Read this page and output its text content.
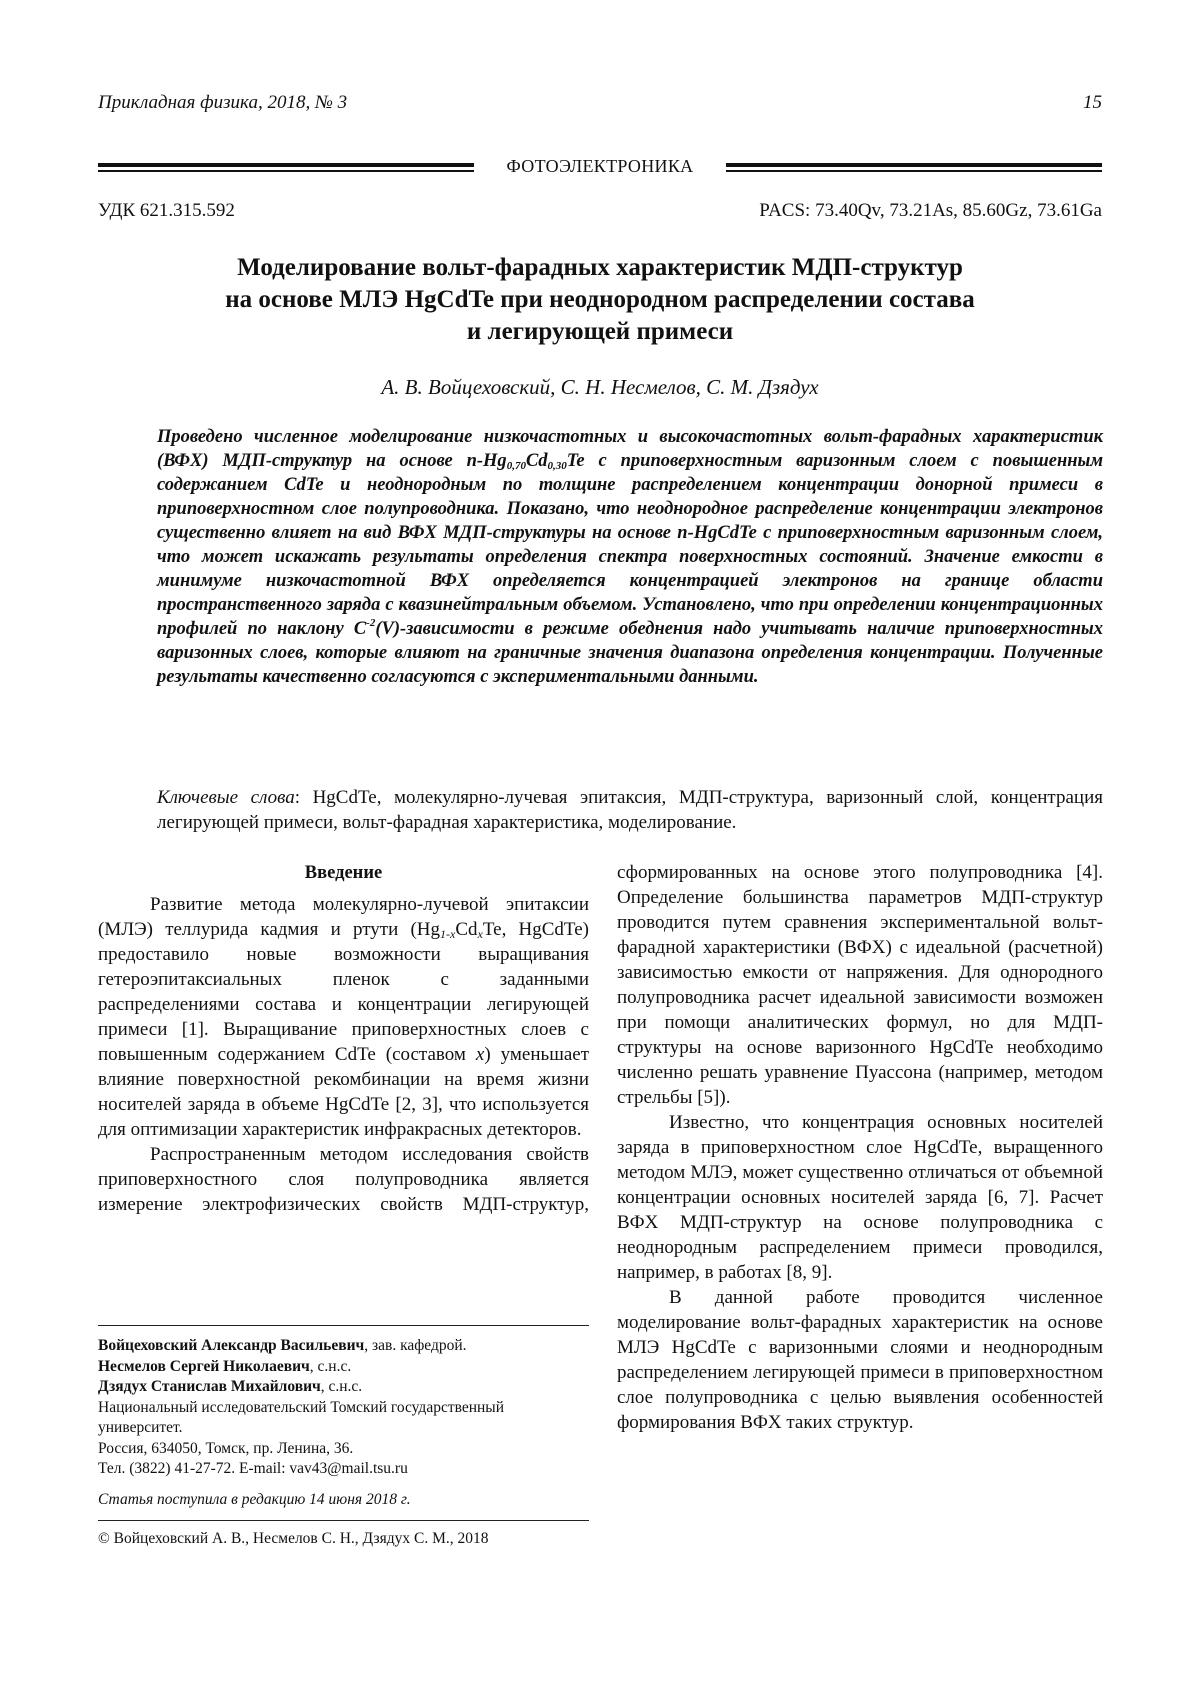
Прикладная физика, 2018, № 3	15
ФОТОЭЛЕКТРОНИКА
УДК 621.315.592	PACS: 73.40Qv, 73.21As, 85.60Gz, 73.61Ga
Моделирование вольт-фарадных характеристик МДП-структур
на основе МЛЭ HgCdTe при неоднородном распределении состава
и легирующей примеси
А. В. Войцеховский, С. Н. Несмелов, С. М. Дзядух

Проведено численное моделирование низкочастотных и высокочастотных вольт-фарадных характеристик (ВФХ) МДП-структур на основе n-Hg0,70Cd0,30Te с приповерхностным варизонным слоем с повышенным содержанием CdTe и неоднородным по толщине распределением концентрации донорной примеси в приповерхностном слое полупроводника. Показано, что неоднородное распределение концентрации электронов существенно влияет на вид ВФХ МДП-структуры на основе n-HgCdTe с приповерхностным варизонным слоем, что может искажать результаты определения спектра поверхностных состояний. Значение емкости в минимуме низкочастотной ВФХ определяется концентрацией электронов на границе области пространственного заряда с квазинейтральным объемом. Установлено, что при определении концентрационных профилей по наклону С-2(V)-зависимости в режиме обеднения надо учитывать наличие приповерхностных варизонных слоев, которые влияют на граничные значения диапазона определения концентрации. Полученные результаты качественно согласуются с экспериментальными данными.

Ключевые слова: HgCdTe, молекулярно-лучевая эпитаксия, МДП-структура, варизонный слой, концентрация легирующей примеси, вольт-фарадная характеристика, моделирование.

Введение

Развитие метода молекулярно-лучевой эпитаксии (МЛЭ) теллурида кадмия и ртути (Hg1-xCdxTe, HgCdTe) предоставило новые возможности выращивания гетероэпитаксиальных пленок с заданными распределениями состава и концентрации легирующей примеси [1]. Выращивание приповерхностных слоев с повышенным содержанием CdTe (составом x) уменьшает влияние поверхностной рекомбинации на время жизни носителей заряда в объеме HgCdTe [2, 3], что используется для оптимизации характеристик инфракрасных детекторов.

Распространенным методом исследования свойств приповерхностного слоя полупроводника является измерение электрофизических свойств МДП-структур,

Войцеховский Александр Васильевич, зав. кафедрой.
Несмелов Сергей Николаевич, с.н.с.
Дзядух Станислав Михайлович, с.н.с.
Национальный исследовательский Томский государственный университет.
Россия, 634050, Томск, пр. Ленина, 36.
Тел. (3822) 41-27-72. E-mail: vav43@mail.tsu.ru
Статья поступила в редакцию 14 июня 2018 г.
© Войцеховский А. В., Несмелов С. Н., Дзядух С. М., 2018

сформированных на основе этого полупроводника [4]. Определение большинства параметров МДП-структур проводится путем сравнения экспериментальной вольт-фарадной характеристики (ВФХ) с идеальной (расчетной) зависимостью емкости от напряжения. Для однородного полупроводника расчет идеальной зависимости возможен при помощи аналитических формул, но для МДП-структуры на основе варизонного HgCdTe необходимо численно решать уравнение Пуассона (например, методом стрельбы [5]).

Известно, что концентрация основных носителей заряда в приповерхностном слое HgCdTe, выращенного методом МЛЭ, может существенно отличаться от объемной концентрации основных носителей заряда [6, 7]. Расчет ВФХ МДП-структур на основе полупроводника с неоднородным распределением примеси проводился, например, в работах [8, 9].

В данной работе проводится численное моделирование вольт-фарадных характеристик на основе МЛЭ HgCdTe с варизонными слоями и неоднородным распределением легирующей примеси в приповерхностном слое полупроводника с целью выявления особенностей формирования ВФХ таких структур.
